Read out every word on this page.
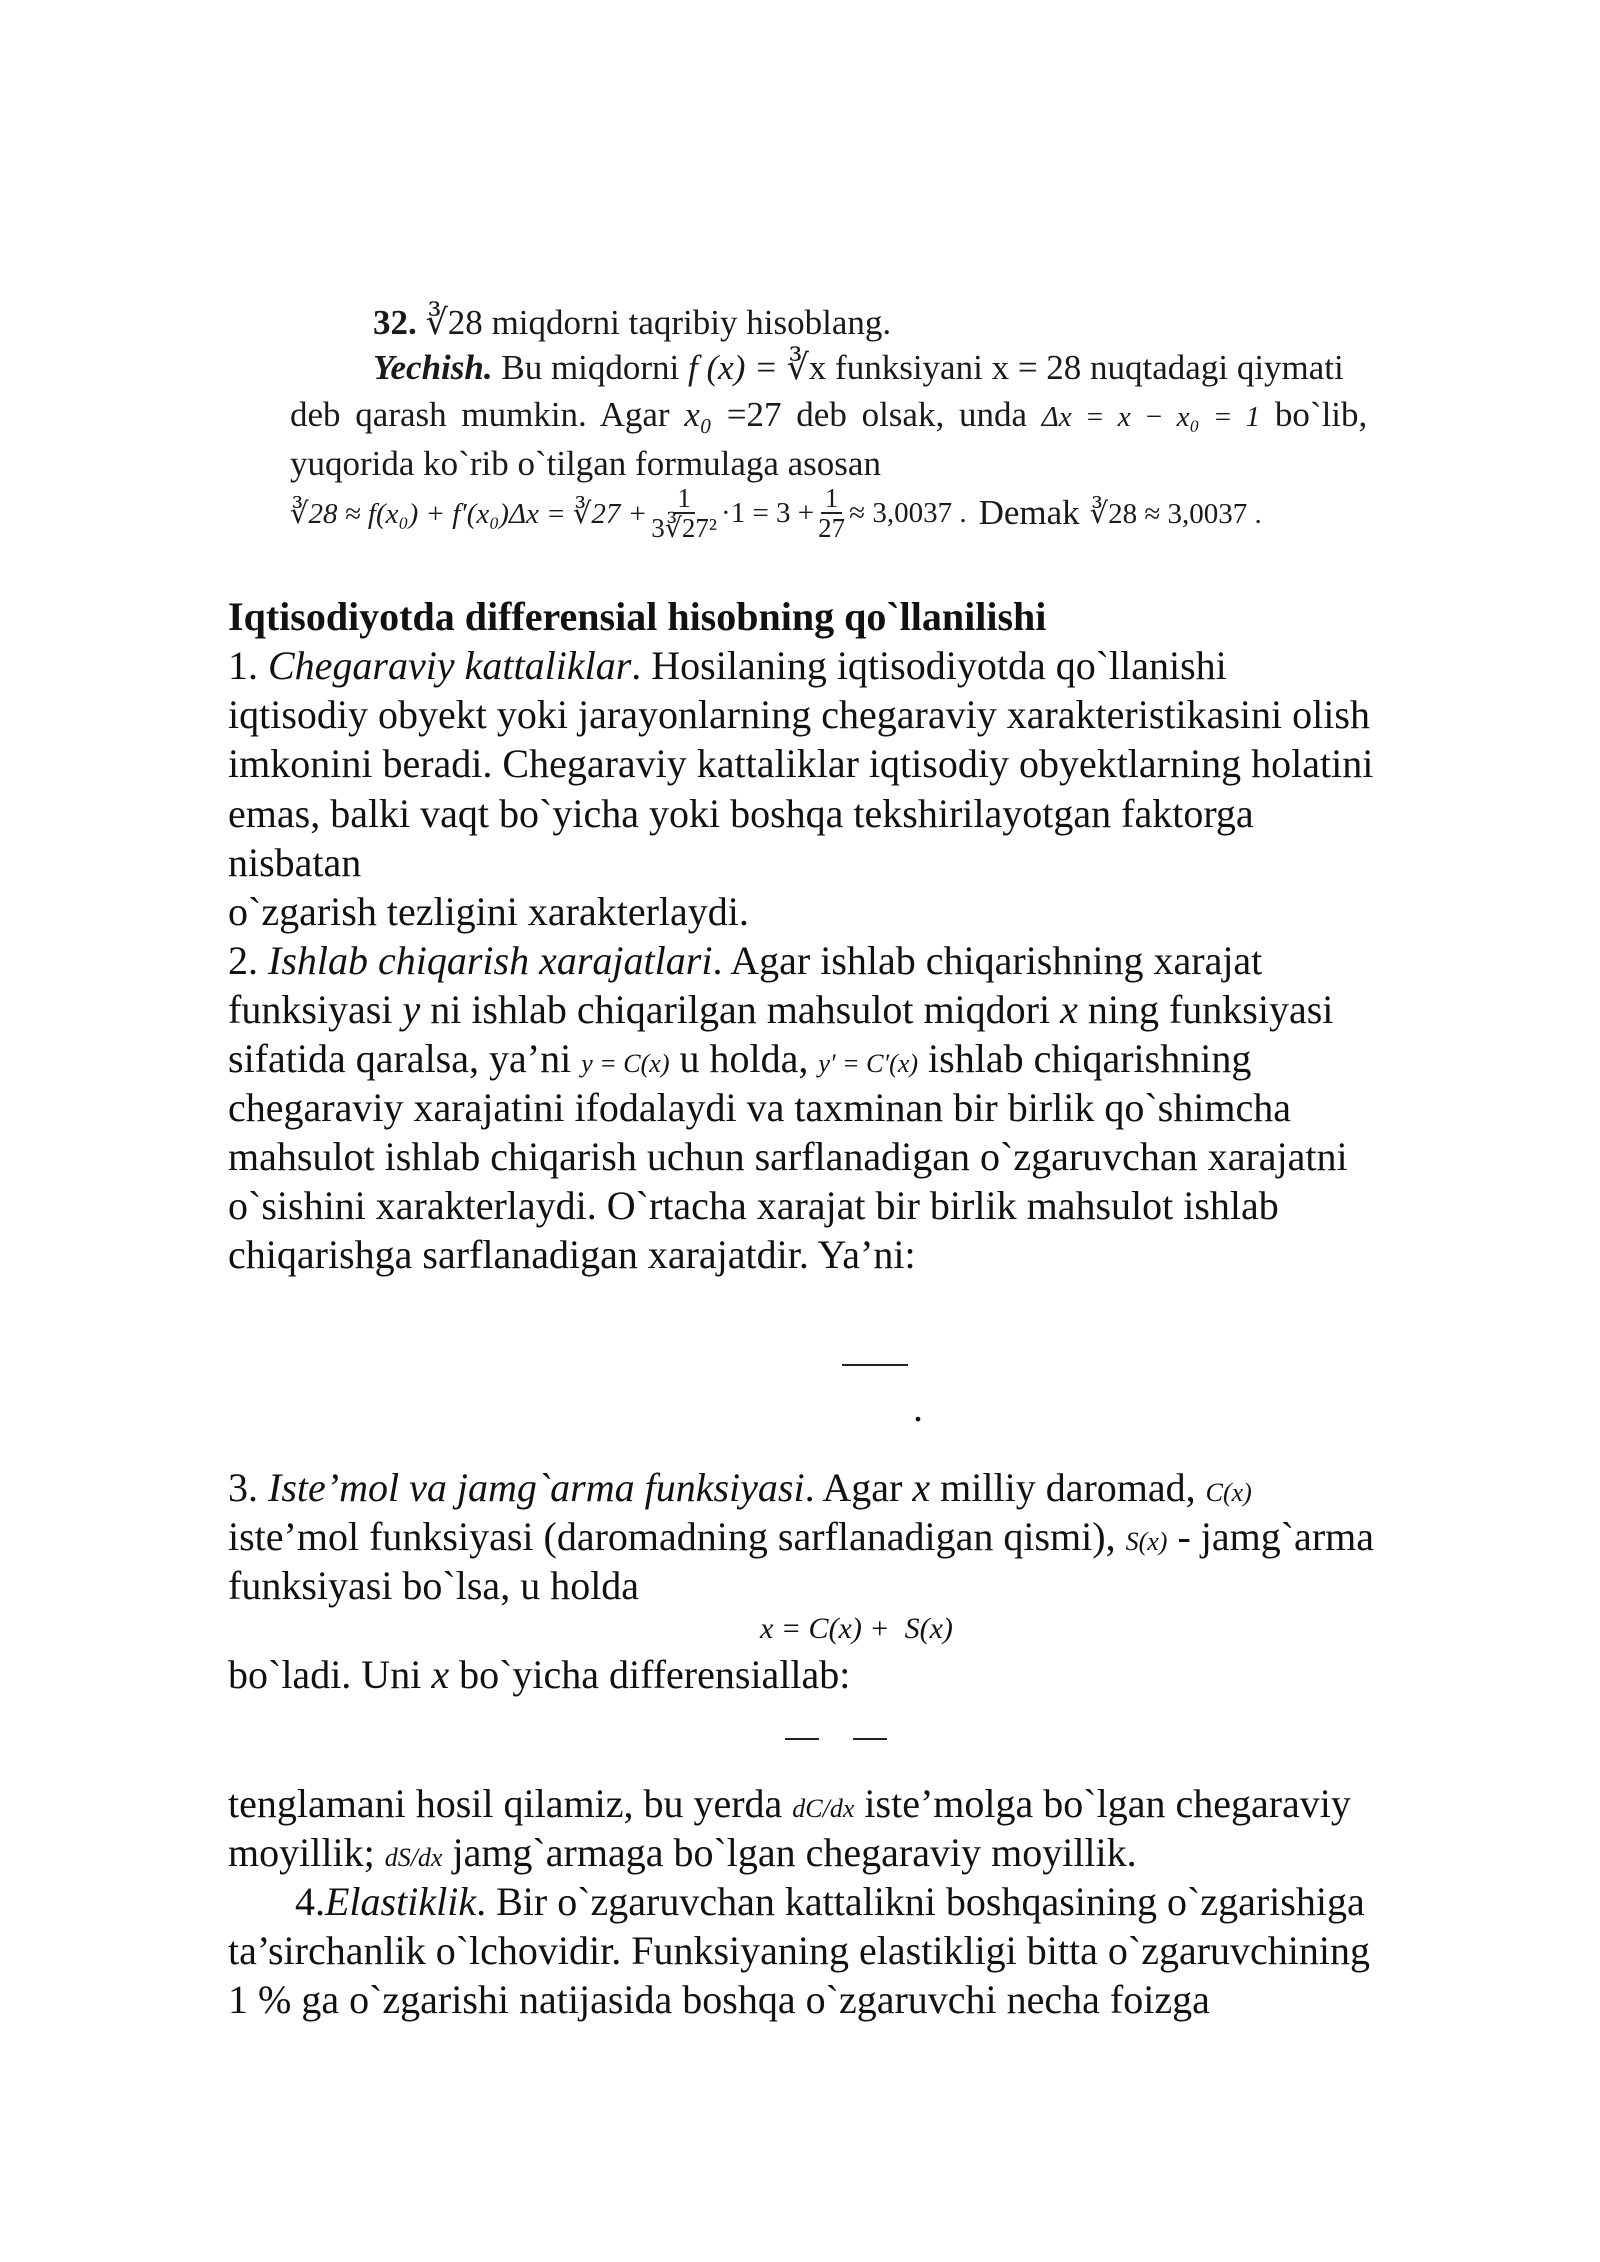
32. ∛28 miqdorni taqribiy hisoblang.
Yechish. Bu miqdorni f (x) = ∛x funksiyani x = 28 nuqtadagi qiymati
deb qarash mumkin. Agar x₀ =27 deb olsak, unda Δx = x − x₀ = 1 bo`lib,
yuqorida ko`rib o`tilgan formulaga asosan
∛28 ≈ f(x₀) + f′(x₀)Δx = ∛27 + $\frac{1}{\text{3∛27²}} \cdot 1 = 3 + \frac{1}{27} \approx 3,0037$ . Demak ∛28 ≈ 3,0037 .
Iqtisodiyotda differensial hisobning qo`llanilishi
1. Chegaraviy kattaliklar. Hosilaning iqtisodiyotda qo`llanishi
iqtisodiy obyekt yoki jarayonlarning chegaraviy xarakteristikasini olish
imkonini beradi. Chegaraviy kattaliklar iqtisodiy obyektlarning holatini
emas, balki vaqt bo`yicha yoki boshqa tekshirilayotgan faktorga
nisbatan
o`zgarish tezligini xarakterlaydi.
2. Ishlab chiqarish xarajatlari. Agar ishlab chiqarishning xarajat
funksiyasi y ni ishlab chiqarilgan mahsulot miqdori x ning funksiyasi
sifatida qaralsa, ya’ni y = C(x) u holda, y′ = C′(x) ishlab chiqarishning
chegaraviy xarajatini ifodalaydi va taxminan bir birlik qo`shimcha
mahsulot ishlab chiqarish uchun sarflanadigan o`zgaruvchan xarajatni
o`sishini xarakterlaydi. O`rtacha xarajat bir birlik mahsulot ishlab
chiqarishga sarflanadigan xarajatdir. Ya’ni:
.
3. Iste’mol va jamg`arma funksiyasi. Agar x milliy daromad, C(x)
iste’mol funksiyasi (daromadning sarflanadigan qismi), S(x) - jamg`arma
funksiyasi bo`lsa, u holda
x = C(x) +  S(x)
bo`ladi. Uni x bo`yicha differensiallab:
tenglamani hosil qilamiz, bu yerda dC/dx iste’molga bo`lgan chegaraviy
moyillik; dS/dx jamg`armaga bo`lgan chegaraviy moyillik.
4.Elastiklik. Bir o`zgaruvchan kattalikni boshqasining o`zgarishiga
ta’sirchanlik o`lchovidir. Funksiyaning elastikligi bitta o`zgaruvchining
1 % ga o`zgarishi natijasida boshqa o`zgaruvchi necha foizga
